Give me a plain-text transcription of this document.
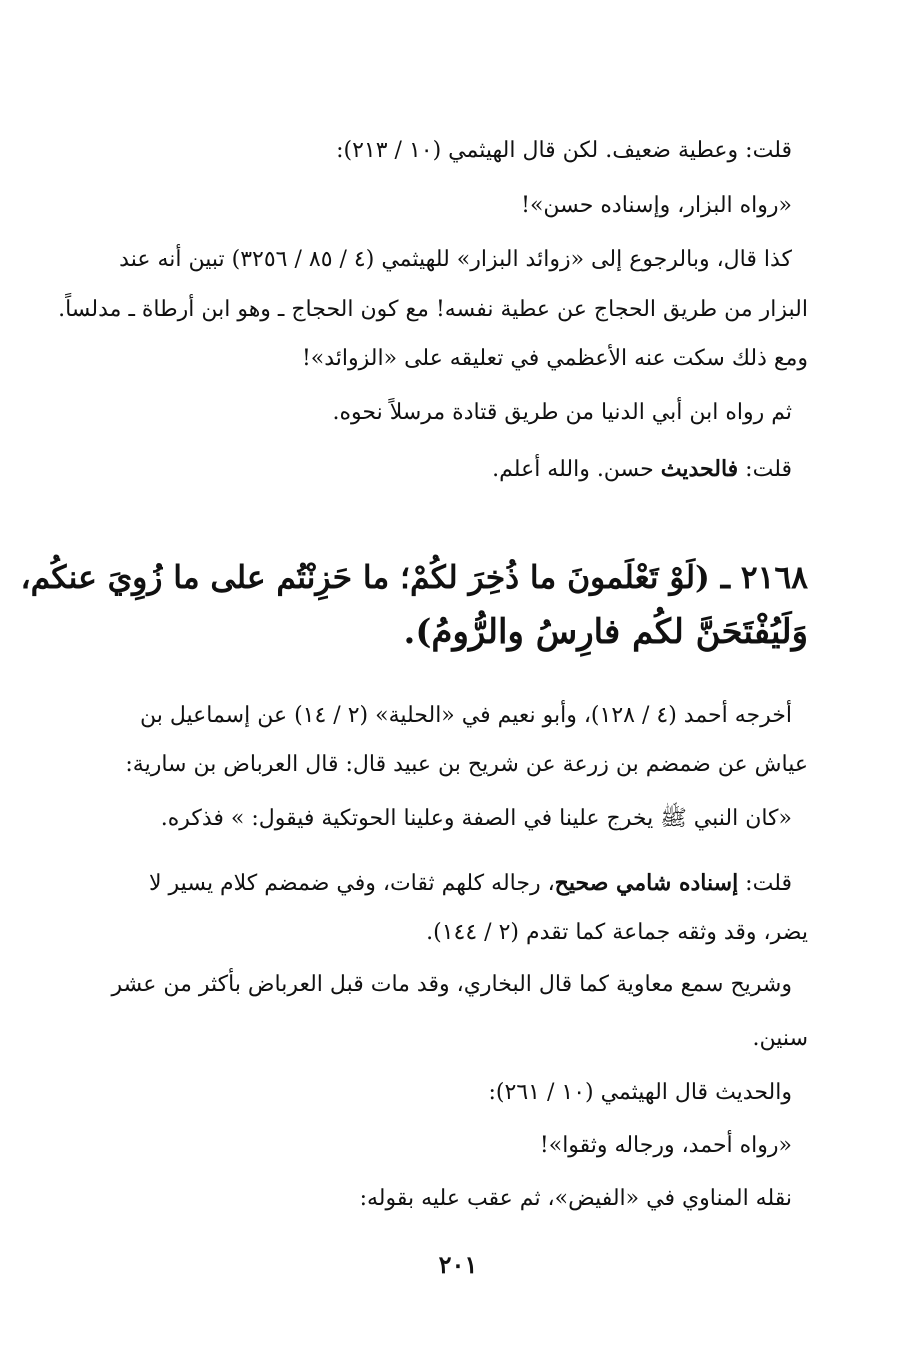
قلت: وعطية ضعيف. لكن قال الهيثمي (١٠ / ٢١٣):
«رواه البزار، وإسناده حسن»!
كذا قال، وبالرجوع إلى «زوائد البزار» للهيثمي (٤ / ٨٥ / ٣٢٥٦) تبين أنه عند
البزار من طريق الحجاج عن عطية نفسه! مع كون الحجاج ـ وهو ابن أرطاة ـ مدلساً.
ومع ذلك سكت عنه الأعظمي في تعليقه على «الزوائد»!
ثم رواه ابن أبي الدنيا من طريق قتادة مرسلاً نحوه.
قلت: فالحديث حسن. والله أعلم.
٢١٦٨ ـ (لَوْ تَعْلَمونَ ما ذُخِرَ لكُمْ؛ ما حَزِنْتُم على ما زُوِيَ عنكُم،
وَلَيُفْتَحَنَّ لكُم فارِسُ والرُّومُ).
أخرجه أحمد (٤ / ١٢٨)، وأبو نعيم في «الحلية» (٢ / ١٤) عن إسماعيل بن
عياش عن ضمضم بن زرعة عن شريح بن عبيد قال: قال العرباض بن سارية:
«كان النبي ﷺ يخرج علينا في الصفة وعلينا الحوتكية فيقول: » فذكره.
قلت: إسناده شامي صحيح، رجاله كلهم ثقات، وفي ضمضم كلام يسير لا
يضر، وقد وثقه جماعة كما تقدم (٢ / ١٤٤).
وشريح سمع معاوية كما قال البخاري، وقد مات قبل العرباض بأكثر من عشر
سنين.
والحديث قال الهيثمي (١٠ / ٢٦١):
«رواه أحمد، ورجاله وثقوا»!
نقله المناوي في «الفيض»، ثم عقب عليه بقوله:
٢٠١
